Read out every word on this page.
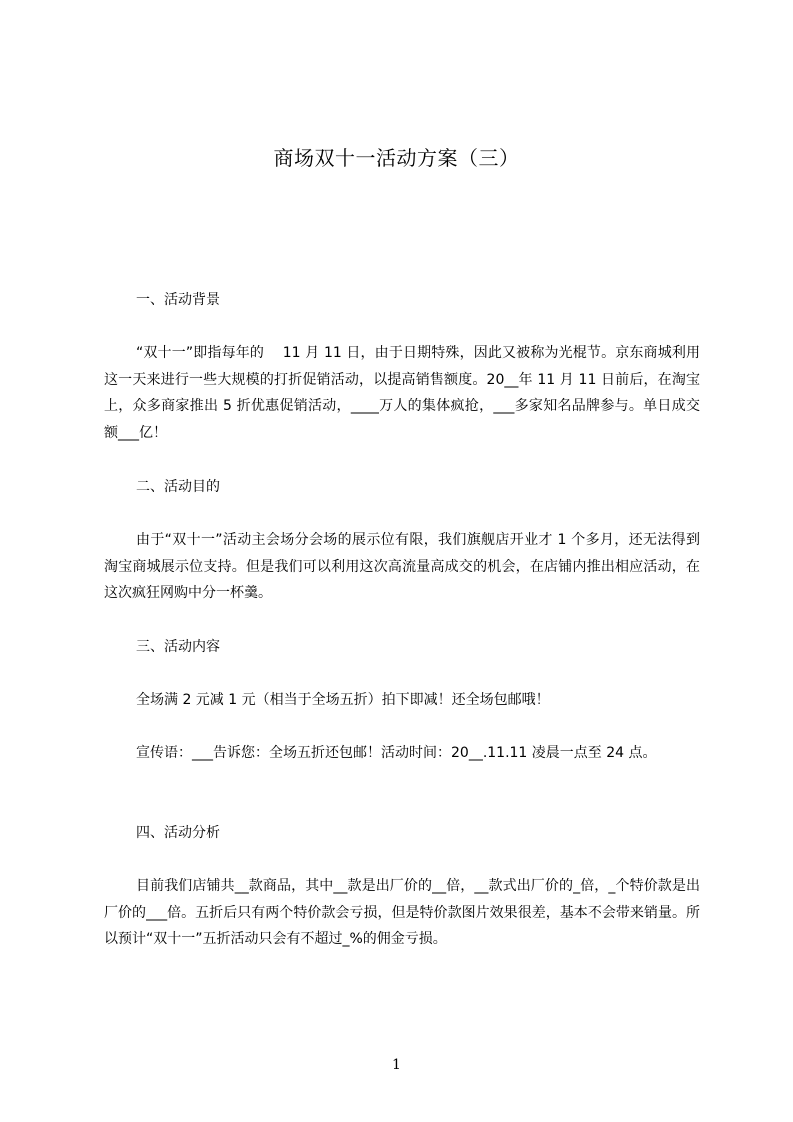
商场双十一活动方案（三）
一、活动背景
“双十一”即指每年的　 11 月 11 日，由于日期特殊，因此又被称为光棍节。京东商城利用这一天来进行一些大规模的打折促销活动，以提高销售额度。20__年 11 月 11 日前后，在淘宝上，众多商家推出 5 折优惠促销活动，____万人的集体疯抢，___多家知名品牌参与。单日成交额___亿！
二、活动目的
由于“双十一”活动主会场分会场的展示位有限，我们旗舰店开业才 1 个多月，还无法得到淘宝商城展示位支持。但是我们可以利用这次高流量高成交的机会，在店铺内推出相应活动，在这次疯狂网购中分一杯羹。
三、活动内容
全场满 2 元减 1 元（相当于全场五折）拍下即减！还全场包邮哦！
宣传语：___告诉您：全场五折还包邮！活动时间：20__.11.11 凌晨一点至 24 点。
四、活动分析
目前我们店铺共__款商品，其中__款是出厂价的__倍，__款式出厂价的_倍，_个特价款是出厂价的___倍。五折后只有两个特价款会亏损，但是特价款图片效果很差，基本不会带来销量。所以预计“双十一”五折活动只会有不超过_%的佣金亏损。
1
